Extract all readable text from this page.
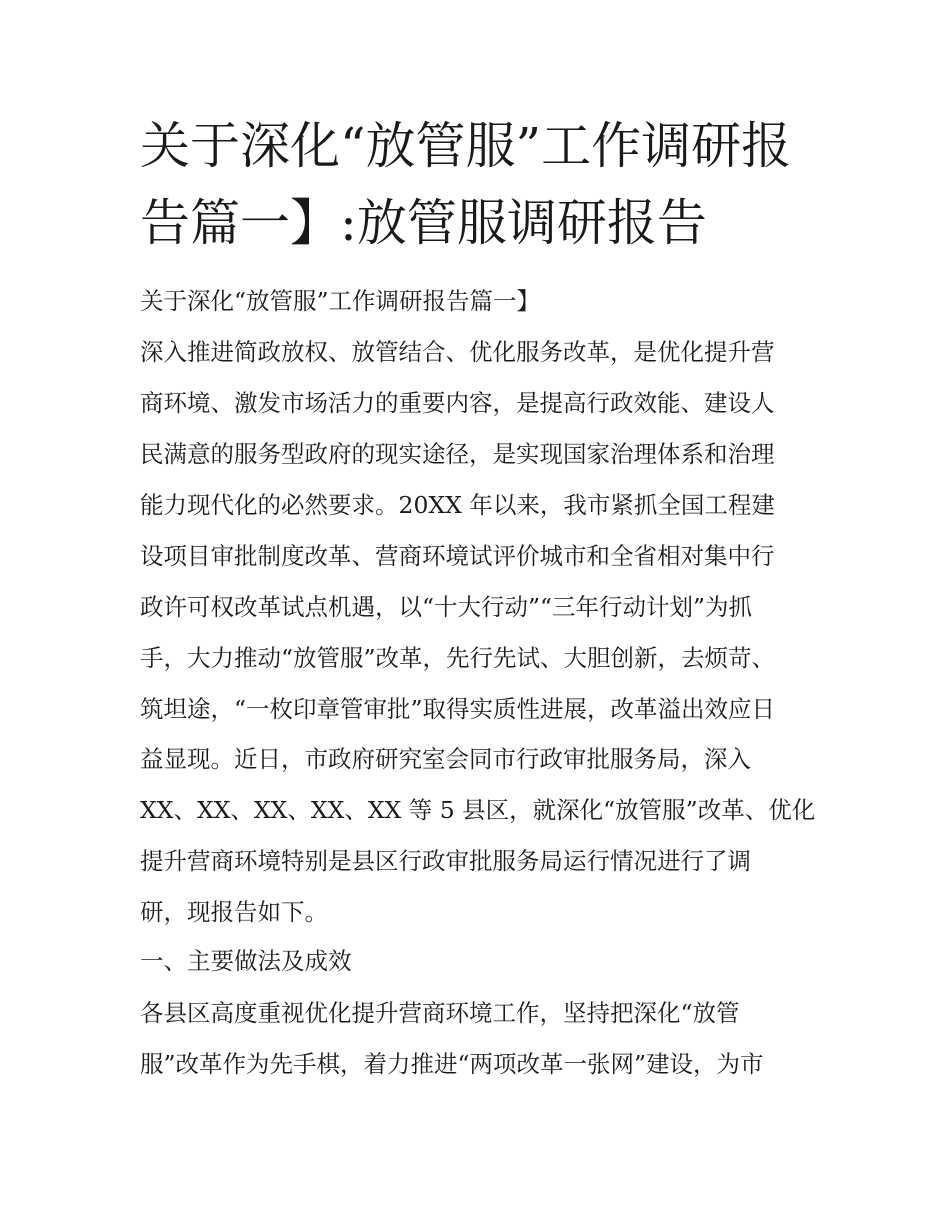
关于深化“放管服”工作调研报
告篇一】:放管服调研报告
关于深化“放管服”工作调研报告篇一】
深入推进简政放权、放管结合、优化服务改革，是优化提升营
商环境、激发市场活力的重要内容，是提高行政效能、建设人
民满意的服务型政府的现实途径，是实现国家治理体系和治理
能力现代化的必然要求。20XX 年以来，我市紧抓全国工程建
设项目审批制度改革、营商环境试评价城市和全省相对集中行
政许可权改革试点机遇，以“十大行动”“三年行动计划”为抓
手，大力推动“放管服”改革，先行先试、大胆创新，去烦苛、
筑坦途，“一枚印章管审批”取得实质性进展，改革溢出效应日
益显现。近日，市政府研究室会同市行政审批服务局，深入
XX、XX、XX、XX、XX 等 5 县区，就深化“放管服”改革、优化
提升营商环境特别是县区行政审批服务局运行情况进行了调
研，现报告如下。
一、主要做法及成效
各县区高度重视优化提升营商环境工作，坚持把深化“放管
服”改革作为先手棋，着力推进“两项改革一张网”建设，为市
